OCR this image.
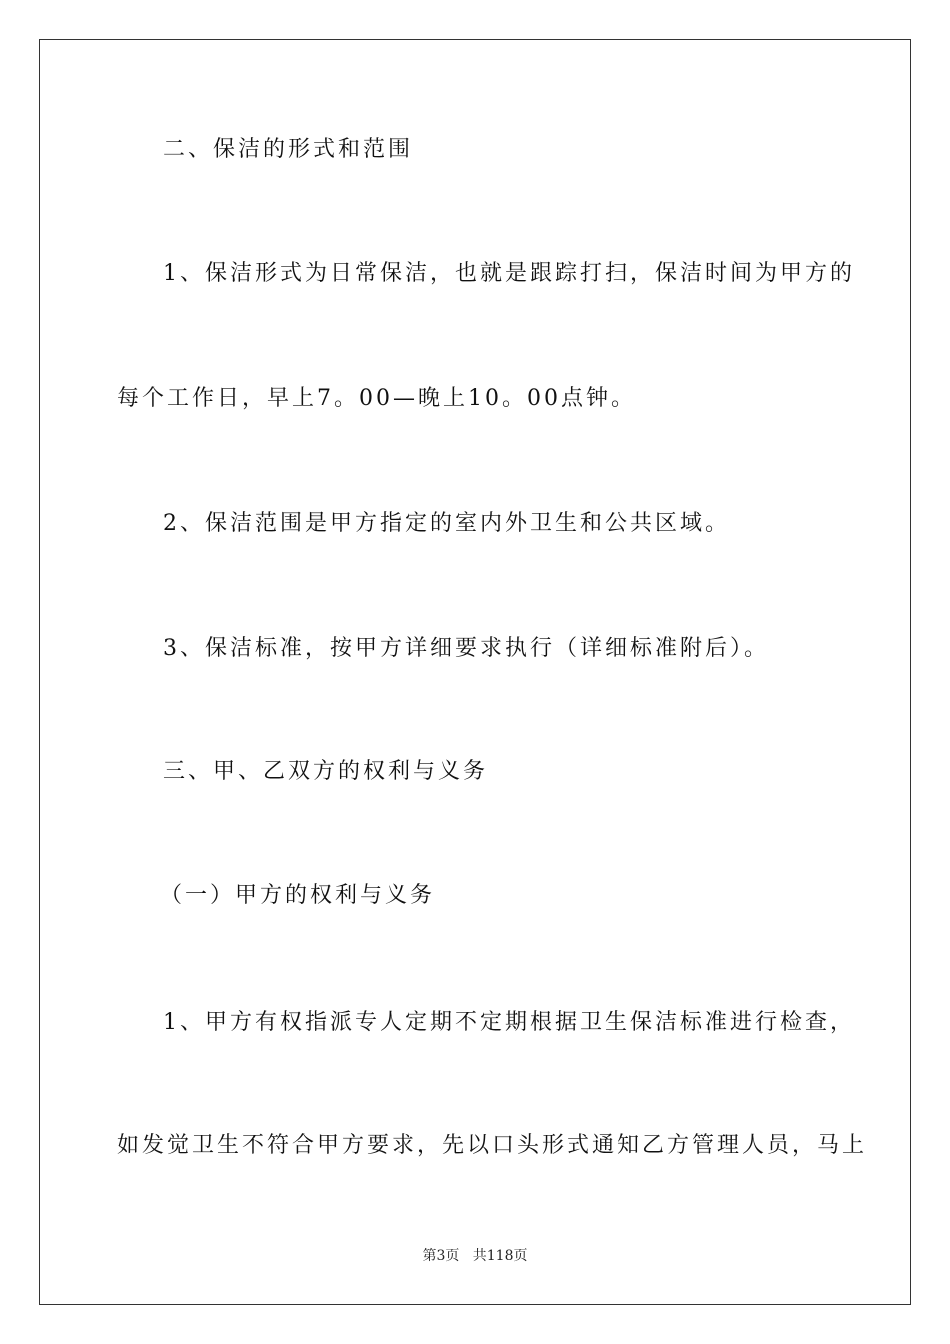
二、保洁的形式和范围
1、保洁形式为日常保洁，也就是跟踪打扫，保洁时间为甲方的
每个工作日，早上7。00—晚上10。00点钟。
2、保洁范围是甲方指定的室内外卫生和公共区域。
3、保洁标准，按甲方详细要求执行（详细标准附后）。
三、甲、乙双方的权利与义务
（一）甲方的权利与义务
1、甲方有权指派专人定期不定期根据卫生保洁标准进行检查，
如发觉卫生不符合甲方要求，先以口头形式通知乙方管理人员，马上
第3页   共118页
